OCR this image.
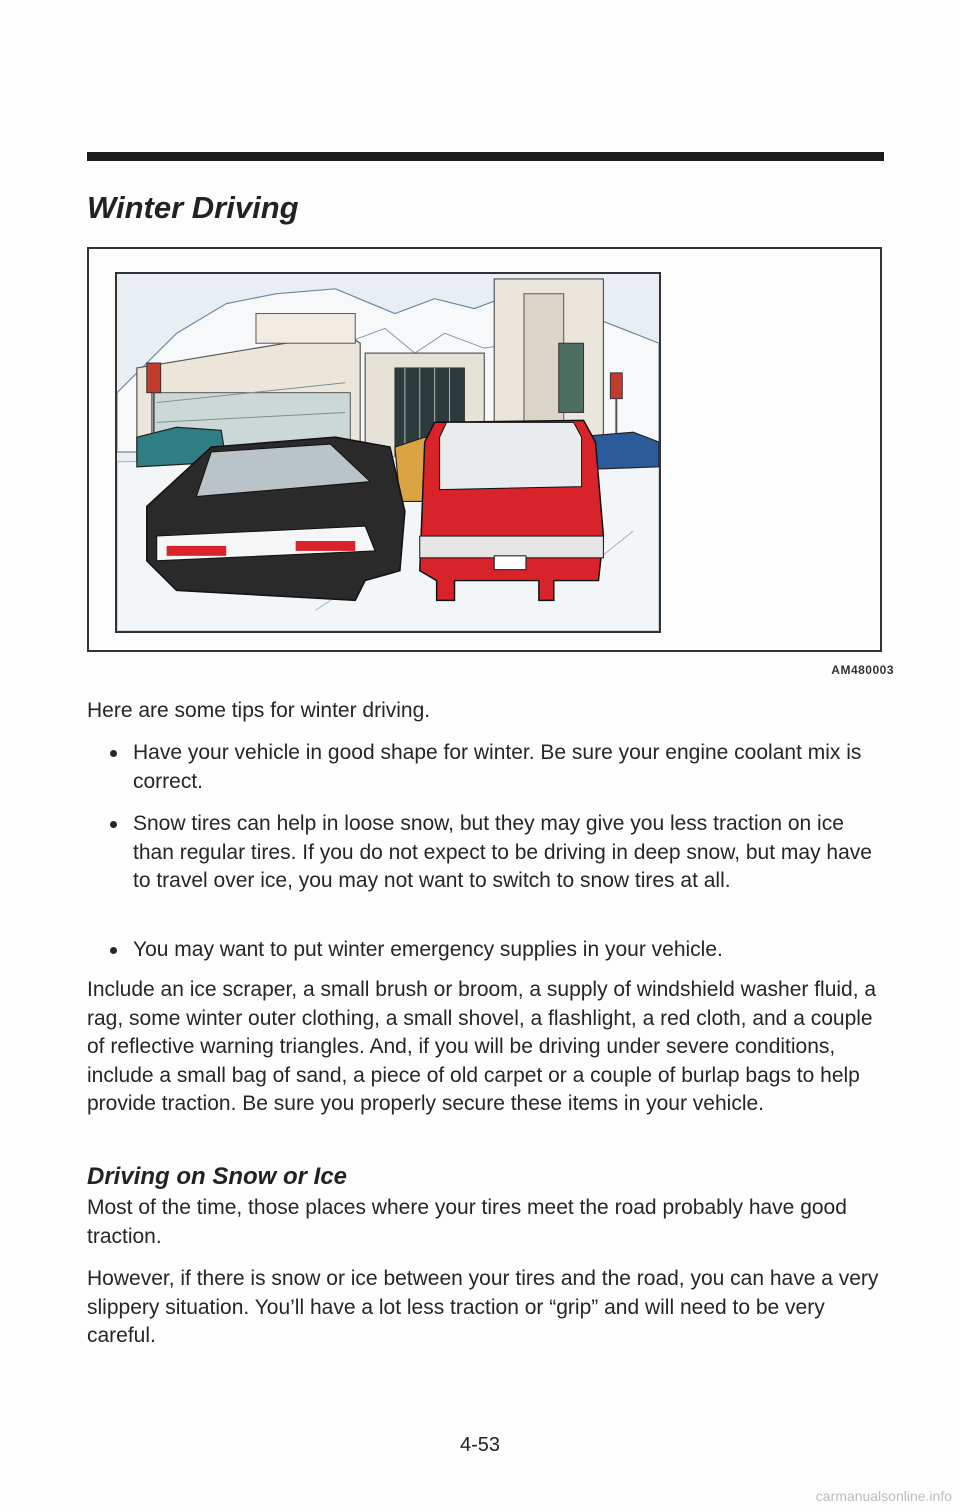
Winter Driving
AM480003

Here are some tips for winter driving.

Have your vehicle in good shape for winter. Be sure your engine coolant mix is correct.
Snow tires can help in loose snow, but they may give you less traction on ice than regular tires. If you do not expect to be driving in deep snow, but may have to travel over ice, you may not want to switch to snow tires at all.
You may want to put winter emergency supplies in your vehicle.

Include an ice scraper, a small brush or broom, a supply of windshield washer fluid, a rag, some winter outer clothing, a small shovel, a flashlight, a red cloth, and a couple of reflective warning triangles. And, if you will be driving under severe conditions, include a small bag of sand, a piece of old carpet or a couple of burlap bags to help provide traction. Be sure you properly secure these items in your vehicle.

Driving on Snow or Ice

Most of the time, those places where your tires meet the road probably have good traction.

However, if there is snow or ice between your tires and the road, you can have a very slippery situation. You’ll have a lot less traction or “grip” and will need to be very careful.

4-53
carmanualsonline.info
